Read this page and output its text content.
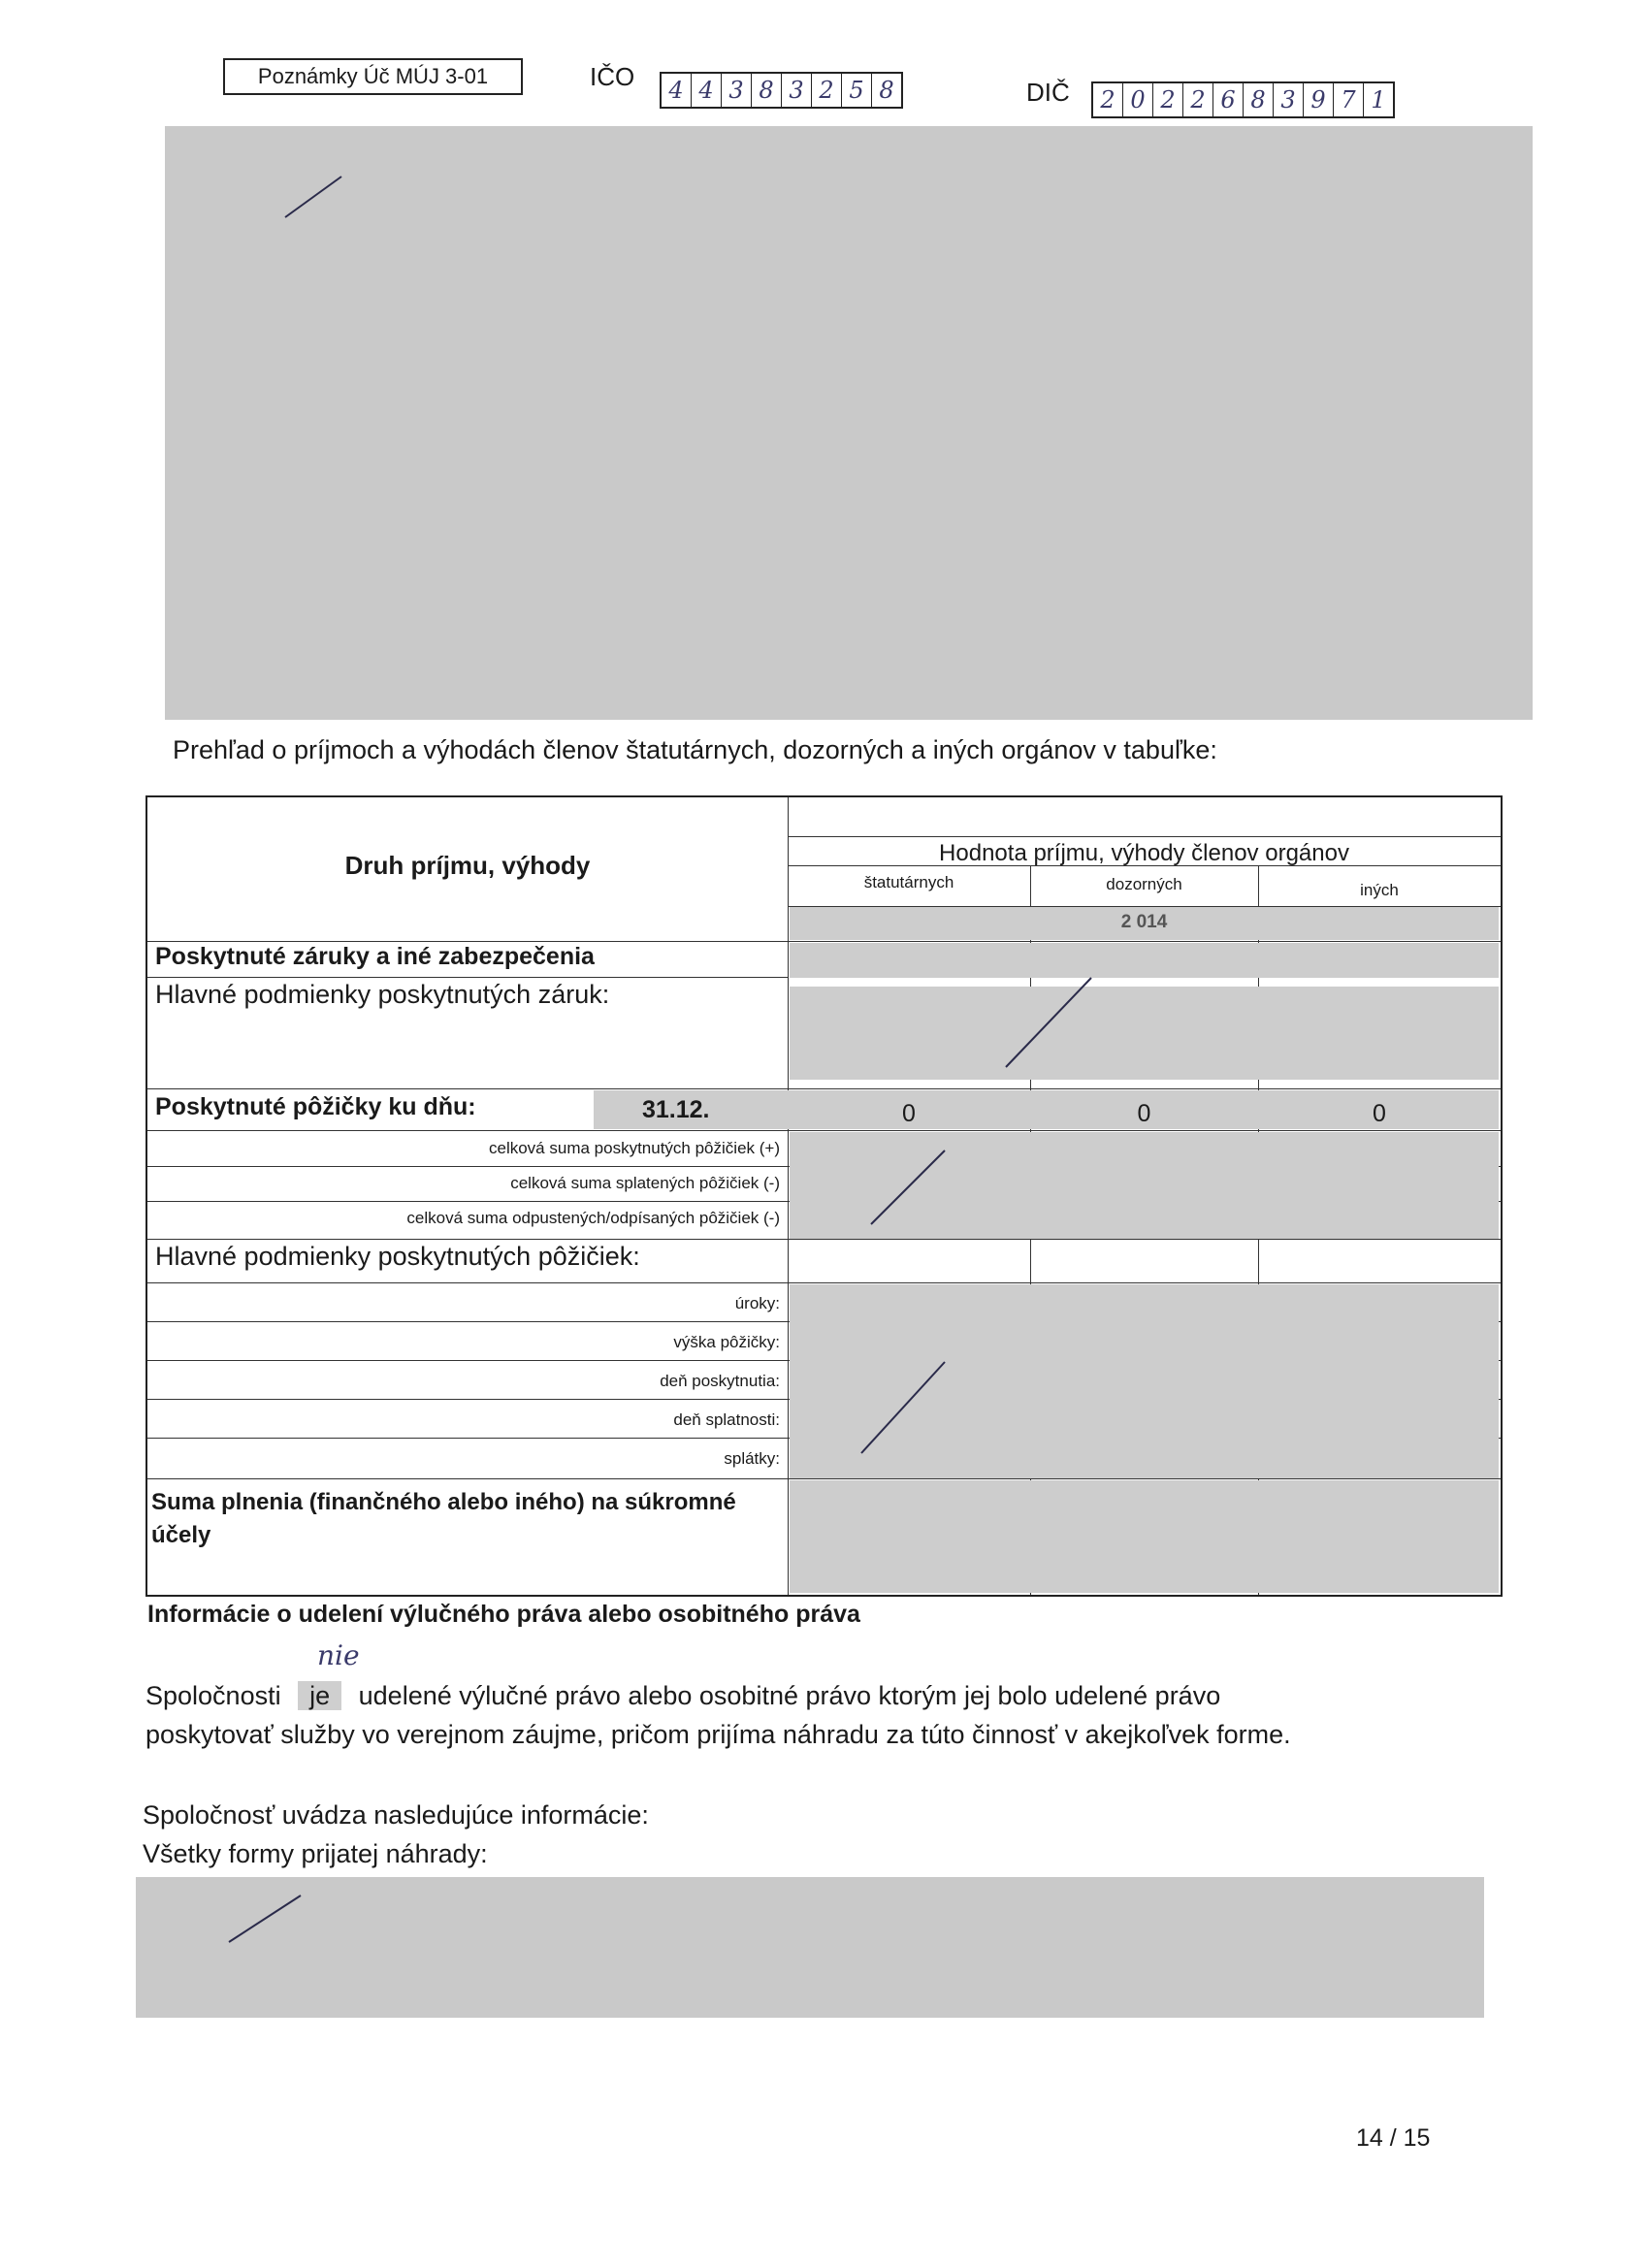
Poznámky Úč MÚJ 3-01	IČO	4 4 3 8 3 2 5 8	DIČ	2 0 2 2 6 8 3 9 7 1
Prehľad o príjmoch a výhodách členov štatutárnych, dozorných a iných orgánov v tabuľke:
Druh príjmu, výhody	Hodnota príjmu, výhody členov orgánov
štatutárnych	dozorných	iných
2 014
Poskytnuté záruky a iné zabezpečenia
Hlavné podmienky poskytnutých záruk:
Poskytnuté pôžičky ku dňu:	31.12.	0	0	0
celková suma poskytnutých pôžičiek (+)
celková suma splatených pôžičiek (-)
celková suma odpustených/odpísaných pôžičiek (-)
Hlavné podmienky poskytnutých pôžičiek:
úroky:
výška pôžičky:
deň poskytnutia:
deň splatnosti:
splátky:
Suma plnenia (finančného alebo iného) na súkromné
účely
Informácie o udelení výlučného práva alebo osobitného práva
nie
Spoločnosti je udelené výlučné právo alebo osobitné právo ktorým jej bolo udelené právo
poskytovať služby vo verejnom záujme, pričom prijíma náhradu za túto činnosť v akejkoľvek forme.
Spoločnosť uvádza nasledujúce informácie:
Všetky formy prijatej náhrady:
14 / 15
